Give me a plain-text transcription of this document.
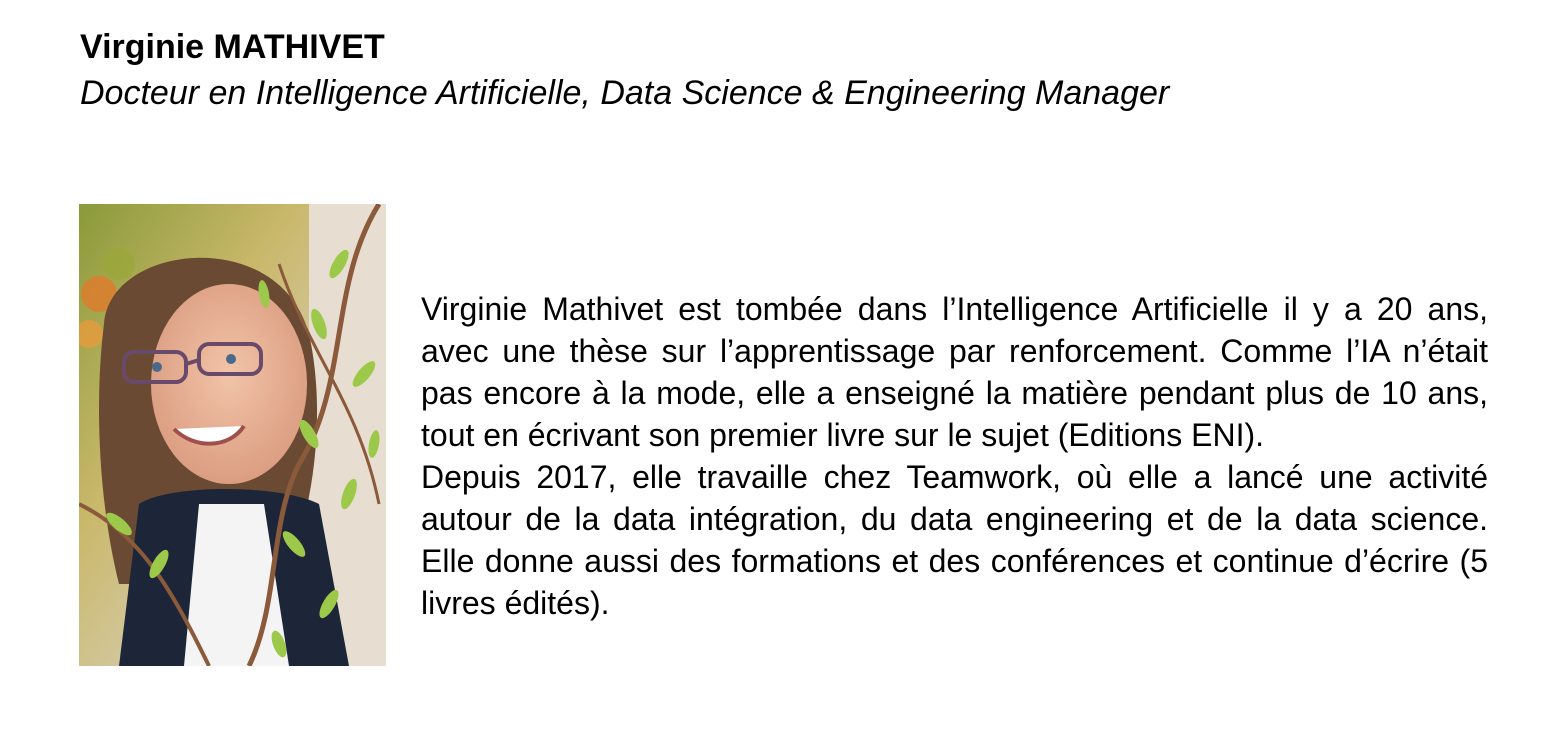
Virginie MATHIVET
Docteur en Intelligence Artificielle, Data Science & Engineering Manager

Virginie Mathivet est tombée dans l’Intelligence Artificielle il y a 20 ans, avec une thèse sur l’apprentissage par renforcement. Comme l’IA n’était pas encore à la mode, elle a enseigné la matière pendant plus de 10 ans, tout en écrivant son premier livre sur le sujet (Editions ENI).

Depuis 2017, elle travaille chez Teamwork, où elle a lancé une activité autour de la data intégration, du data engineering et de la data science. Elle donne aussi des formations et des conférences et continue d’écrire (5 livres édités).
